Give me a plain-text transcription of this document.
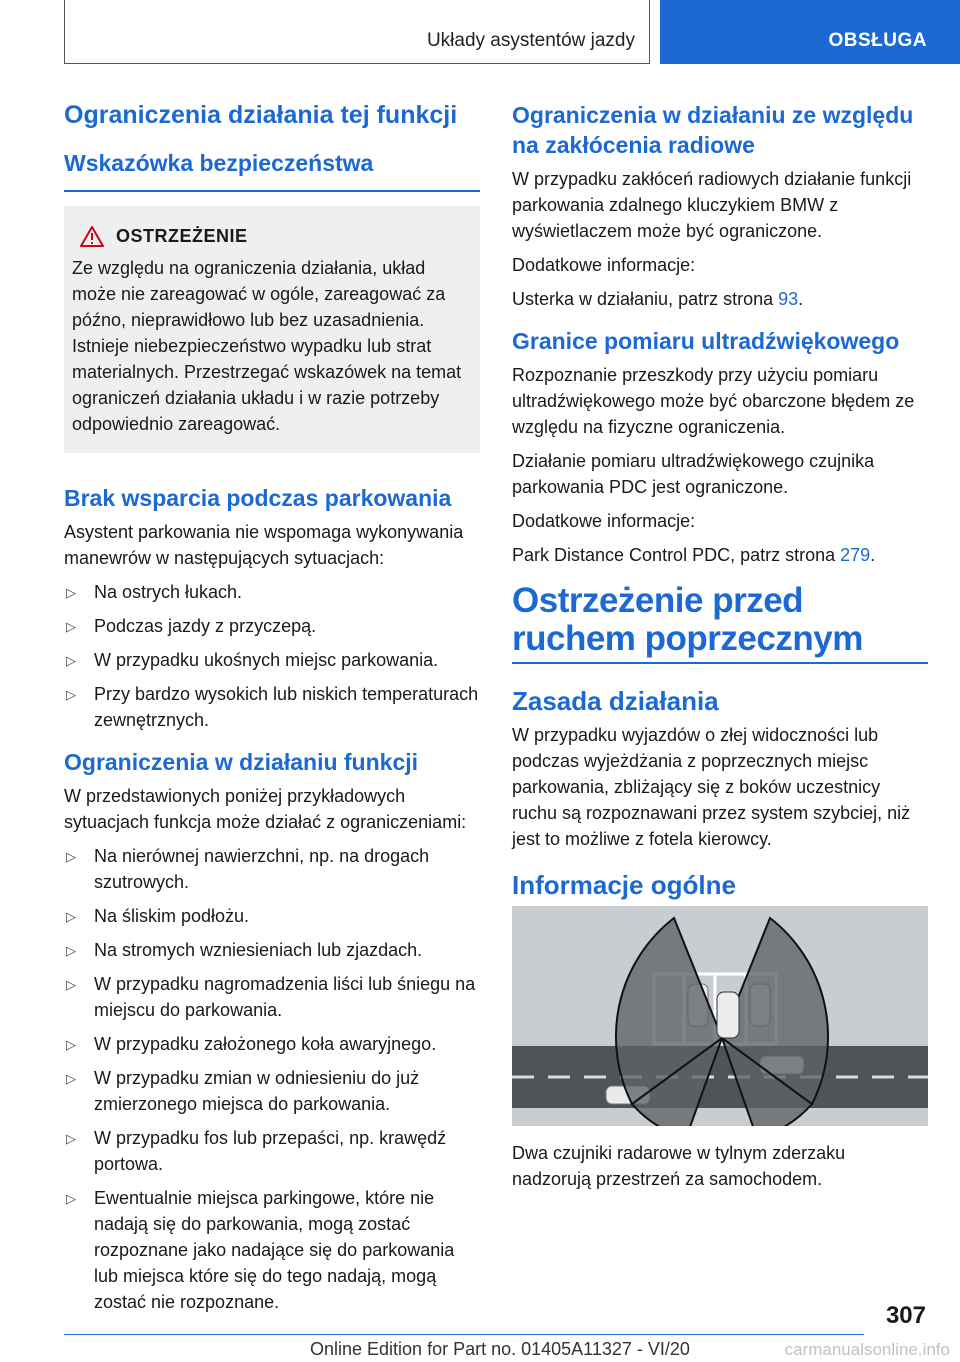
Układy asystentów jazdy	OBSŁUGA
Ograniczenia działania tej funkcji
Wskazówka bezpieczeństwa
OSTRZEŻENIE

Ze względu na ograniczenia działania, układ może nie zareagować w ogóle, zareagować za późno, nieprawidłowo lub bez uzasadnienia. Istnieje niebezpieczeństwo wypadku lub strat materialnych. Przestrzegać wskazówek na temat ograniczeń działania układu i w razie potrzeby odpowiednio zareagować.

Brak wsparcia podczas parkowania

Asystent parkowania nie wspomaga wykonywania manewrów w następujących sytuacjach:

▷ Na ostrych łukach.
▷ Podczas jazdy z przyczepą.
▷ W przypadku ukośnych miejsc parkowania.
▷ Przy bardzo wysokich lub niskich temperaturach zewnętrznych.
Ograniczenia w działaniu funkcji

W przedstawionych poniżej przykładowych sytuacjach funkcja może działać z ograniczeniami:

▷ Na nierównej nawierzchni, np. na drogach szutrowych.
▷ Na śliskim podłożu.
▷ Na stromych wzniesieniach lub zjazdach.
▷ W przypadku nagromadzenia liści lub śniegu na miejscu do parkowania.
▷ W przypadku założonego koła awaryjnego.
▷ W przypadku zmian w odniesieniu do już zmierzonego miejsca do parkowania.
▷ W przypadku fos lub przepaści, np. krawędź portowa.
▷ Ewentualnie miejsca parkingowe, które nie nadają się do parkowania, mogą zostać rozpoznane jako nadające się do parkowania lub miejsca które się do tego nadają, mogą zostać nie rozpoznane.
Ograniczenia w działaniu ze względu na zakłócenia radiowe

W przypadku zakłóceń radiowych działanie funkcji parkowania zdalnego kluczykiem BMW z wyświetlaczem może być ograniczone.

Dodatkowe informacje:

Usterka w działaniu, patrz strona 93.

Granice pomiaru ultradźwiękowego

Rozpoznanie przeszkody przy użyciu pomiaru ultradźwiękowego może być obarczone błędem ze względu na fizyczne ograniczenia.

Działanie pomiaru ultradźwiękowego czujnika parkowania PDC jest ograniczone.

Dodatkowe informacje:

Park Distance Control PDC, patrz strona 279.

Ostrzeżenie przed ruchem poprzecznym
Zasada działania

W przypadku wyjazdów o złej widoczności lub podczas wyjeżdżania z poprzecznych miejsc parkowania, zbliżający się z boków uczestnicy ruchu są rozpoznawani przez system szybciej, niż jest to możliwe z fotela kierowcy.

Informacje ogólne

Dwa czujniki radarowe w tylnym zderzaku nadzorują przestrzeń za samochodem.

307
Online Edition for Part no. 01405A11327 - VI/20	carmanualsonline.info
